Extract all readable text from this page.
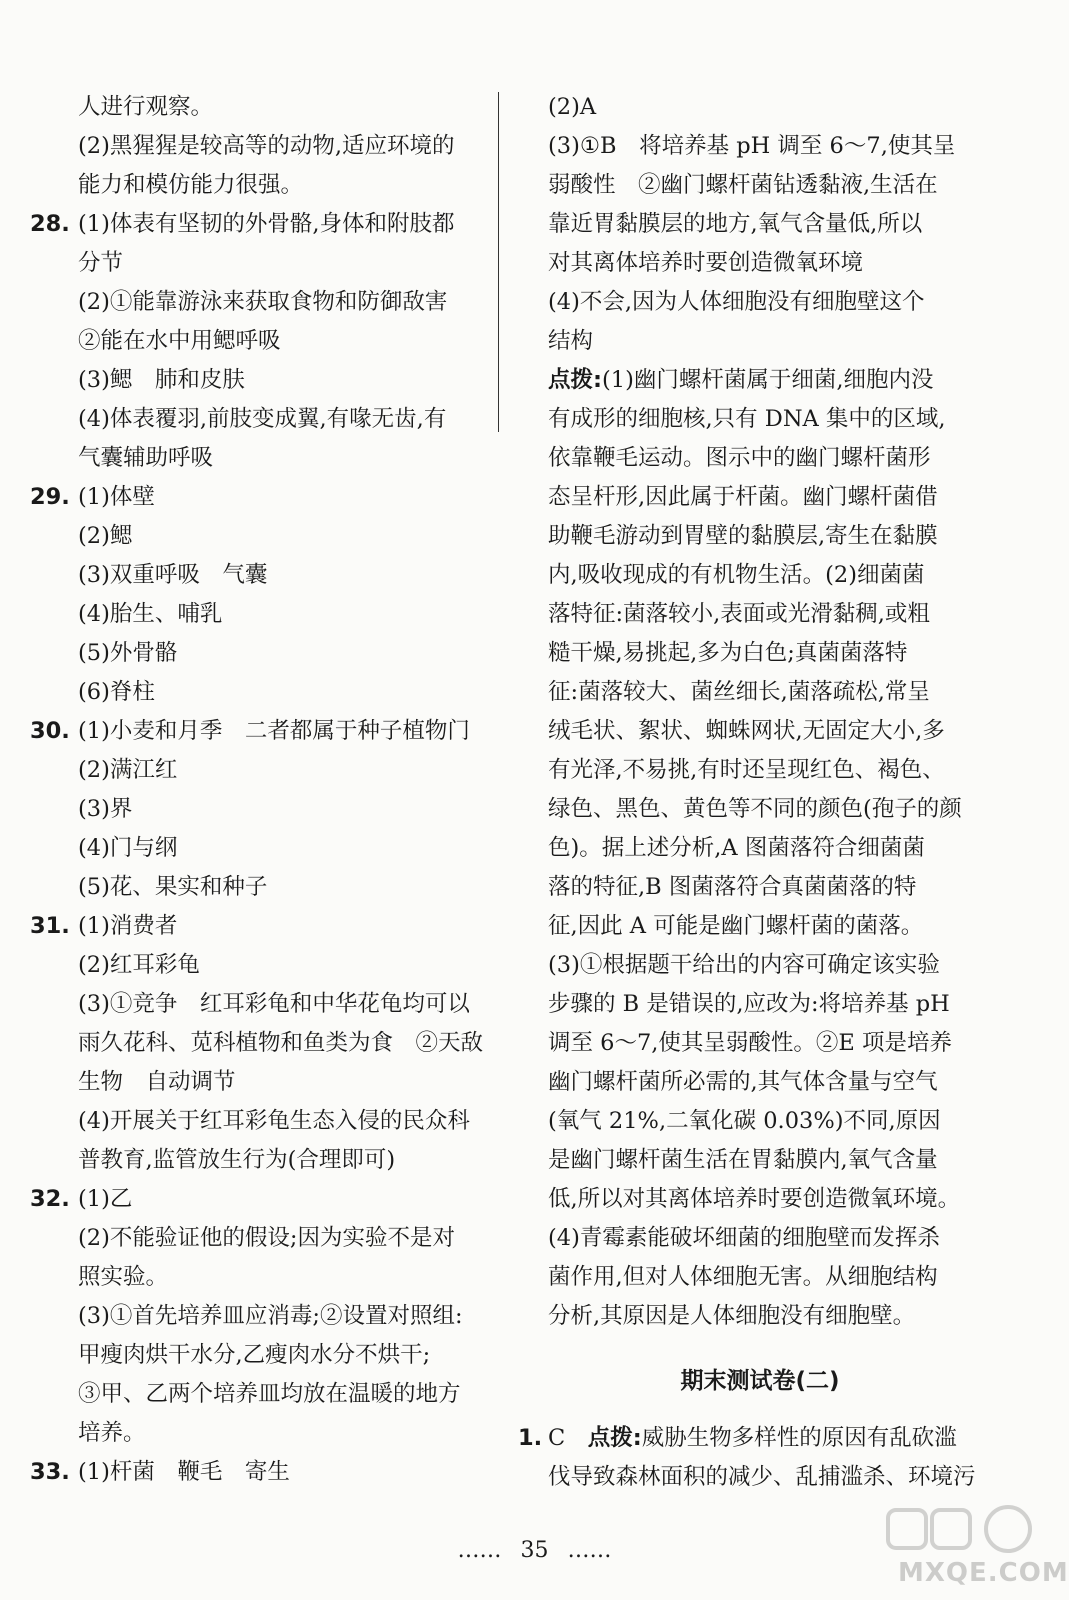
人进行观察。
(2)黑猩猩是较高等的动物,适应环境的
能力和模仿能力很强。
28. (1)体表有坚韧的外骨骼,身体和附肢都
分节
(2)①能靠游泳来获取食物和防御敌害
②能在水中用鳃呼吸
(3)鳃　肺和皮肤
(4)体表覆羽,前肢变成翼,有喙无齿,有
气囊辅助呼吸
29. (1)体壁
(2)鳃
(3)双重呼吸　气囊
(4)胎生、哺乳
(5)外骨骼
(6)脊柱
30. (1)小麦和月季　二者都属于种子植物门
(2)满江红
(3)界
(4)门与纲
(5)花、果实和种子
31. (1)消费者
(2)红耳彩龟
(3)①竞争　红耳彩龟和中华花龟均可以
雨久花科、苋科植物和鱼类为食　②天敌
生物　自动调节
(4)开展关于红耳彩龟生态入侵的民众科
普教育,监管放生行为(合理即可)
32. (1)乙
(2)不能验证他的假设;因为实验不是对
照实验。
(3)①首先培养皿应消毒;②设置对照组:
甲瘦肉烘干水分,乙瘦肉水分不烘干;
③甲、乙两个培养皿均放在温暖的地方
培养。
33. (1)杆菌　鞭毛　寄生
(2)A
(3)①B　将培养基 pH 调至 6～7,使其呈
弱酸性　②幽门螺杆菌钻透黏液,生活在
靠近胃黏膜层的地方,氧气含量低,所以
对其离体培养时要创造微氧环境
(4)不会,因为人体细胞没有细胞壁这个
结构
点拨:(1)幽门螺杆菌属于细菌,细胞内没
有成形的细胞核,只有 DNA 集中的区域,
依靠鞭毛运动。图示中的幽门螺杆菌形
态呈杆形,因此属于杆菌。幽门螺杆菌借
助鞭毛游动到胃壁的黏膜层,寄生在黏膜
内,吸收现成的有机物生活。(2)细菌菌
落特征:菌落较小,表面或光滑黏稠,或粗
糙干燥,易挑起,多为白色;真菌菌落特
征:菌落较大、菌丝细长,菌落疏松,常呈
绒毛状、絮状、蜘蛛网状,无固定大小,多
有光泽,不易挑,有时还呈现红色、褐色、
绿色、黑色、黄色等不同的颜色(孢子的颜
色)。据上述分析,A 图菌落符合细菌菌
落的特征,B 图菌落符合真菌菌落的特
征,因此 A 可能是幽门螺杆菌的菌落。
(3)①根据题干给出的内容可确定该实验
步骤的 B 是错误的,应改为:将培养基 pH
调至 6～7,使其呈弱酸性。②E 项是培养
幽门螺杆菌所必需的,其气体含量与空气
(氧气 21%,二氧化碳 0.03%)不同,原因
是幽门螺杆菌生活在胃黏膜内,氧气含量
低,所以对其离体培养时要创造微氧环境。
(4)青霉素能破坏细菌的细胞壁而发挥杀
菌作用,但对人体细胞无害。从细胞结构
分析,其原因是人体细胞没有细胞壁。
期末测试卷(二)
1. C　点拨:威胁生物多样性的原因有乱砍滥
伐导致森林面积的减少、乱捕滥杀、环境污
…… 35 ……
MXQE.COM
